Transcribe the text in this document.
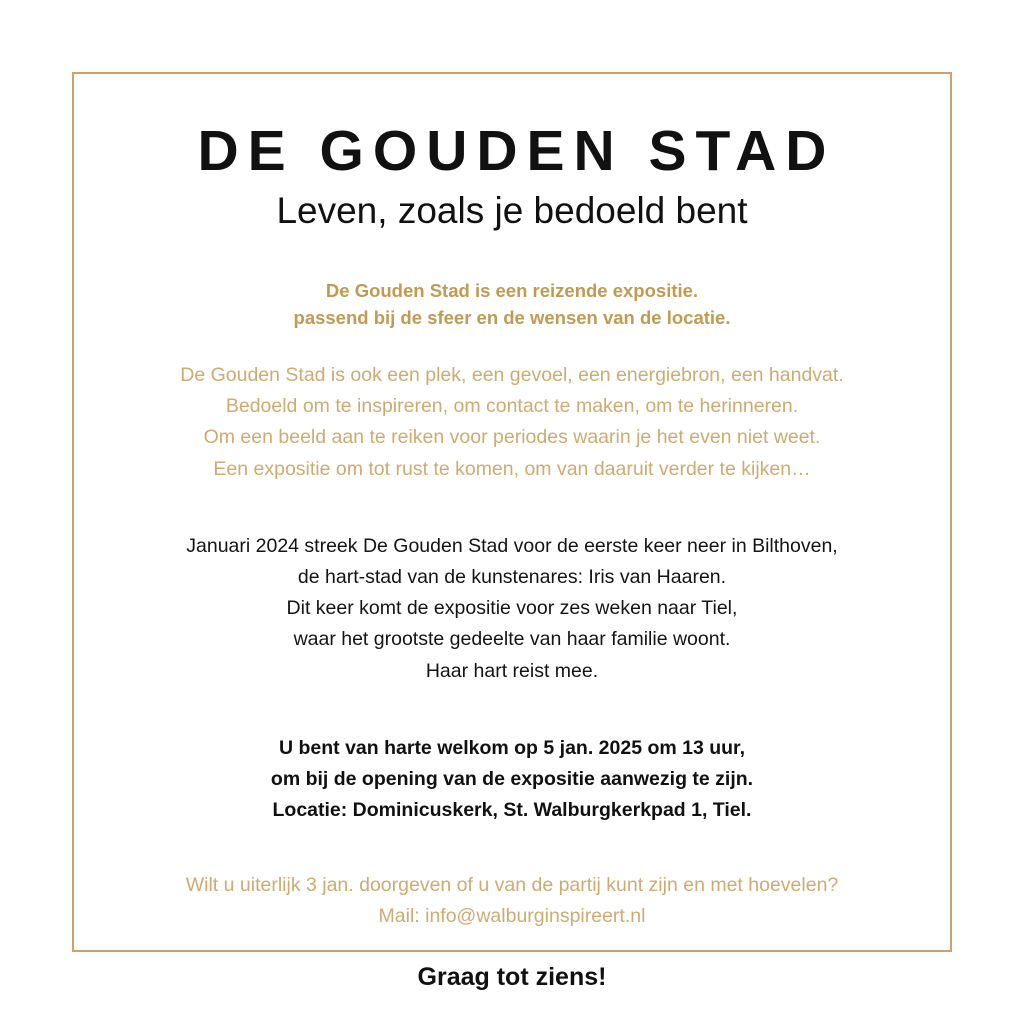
DE GOUDEN STAD
Leven, zoals je bedoeld bent
De Gouden Stad is een reizende expositie.
passend bij de sfeer en de wensen van de locatie.
De Gouden Stad is ook een plek, een gevoel, een energiebron, een handvat.
Bedoeld om te inspireren, om contact te maken, om te herinneren.
Om een beeld aan te reiken voor periodes waarin je het even niet weet.
Een expositie om tot rust te komen, om van daaruit verder te kijken…
Januari 2024 streek De Gouden Stad voor de eerste keer neer in Bilthoven,
de hart-stad van de kunstenares: Iris van Haaren.
Dit keer komt de expositie voor zes weken naar Tiel,
waar het grootste gedeelte van haar familie woont.
Haar hart reist mee.
U bent van harte welkom op 5 jan. 2025 om 13 uur,
om bij de opening van de expositie aanwezig te zijn.
Locatie: Dominicuskerk, St. Walburgkerkpad 1, Tiel.
Wilt u uiterlijk 3 jan. doorgeven of u van de partij kunt zijn en met hoevelen?
Mail: info@walburginspireert.nl
Graag tot ziens!
